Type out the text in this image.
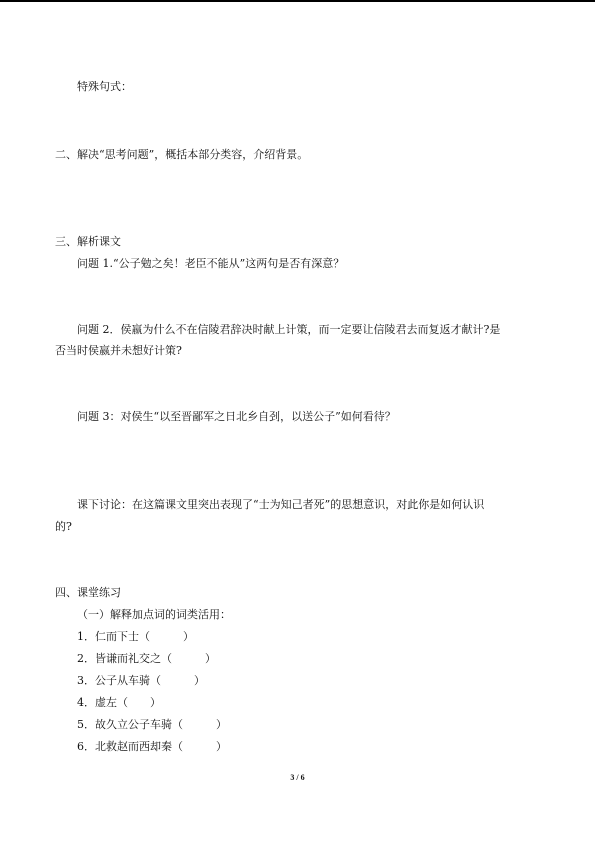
特殊句式：
二、解决“思考问题”，概括本部分类容，介绍背景。
三、解析课文
问题 1.“公子勉之矣！老臣不能从”这两句是否有深意？
问题 2．侯嬴为什么不在信陵君辞决时献上计策，而一定要让信陵君去而复返才献计?是
否当时侯嬴并未想好计策?
问题 3：对侯生“以至晋鄙军之日北乡自刭，以送公子”如何看待？
课下讨论：在这篇课文里突出表现了“士为知己者死”的思想意识，对此你是如何认识
的?
四、课堂练习
（一）解释加点词的词类活用：
1．仁而下士（　　　）
2．皆谦而礼交之（　　　）
3．公子从车骑（　　　）
4．虚左（　　）
5．故久立公子车骑（　　　）
6．北救赵而西却秦（　　　）
3 / 6
